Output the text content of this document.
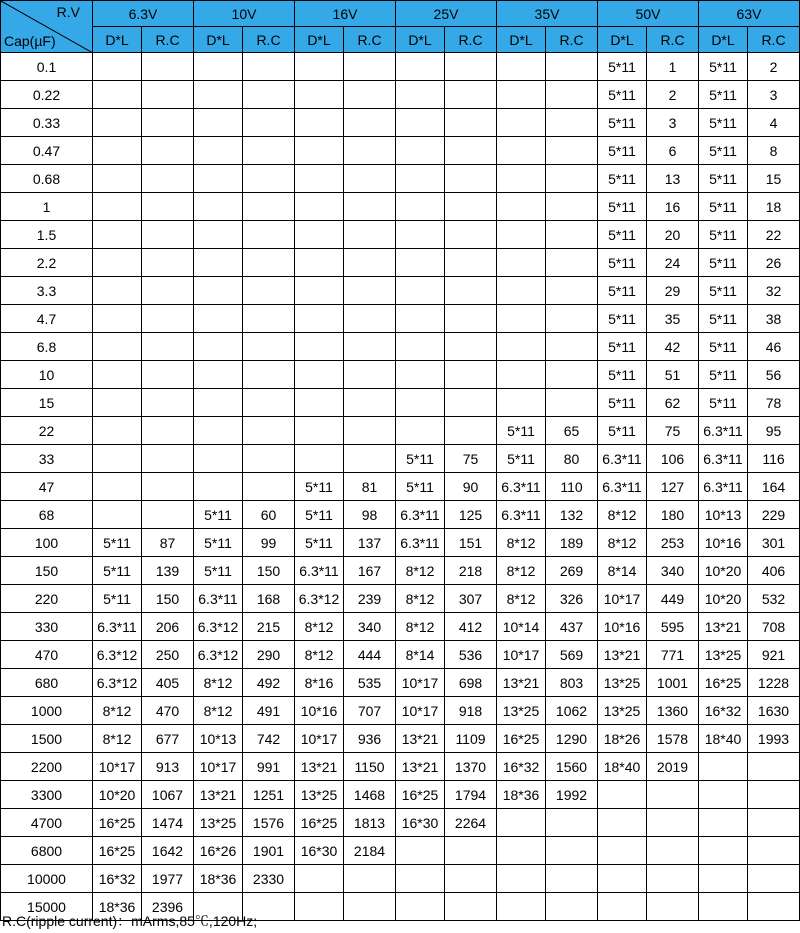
R.V
Cap(µF)	6.3V		10V		16V		25V		35V		50V		63V	
	D*L	R.C	D*L	R.C	D*L	R.C	D*L	R.C	D*L	R.C	D*L	R.C	D*L	R.C
0.1											5*11	1	5*11	2
0.22											5*11	2	5*11	3
0.33											5*11	3	5*11	4
0.47											5*11	6	5*11	8
0.68											5*11	13	5*11	15
1											5*11	16	5*11	18
1.5											5*11	20	5*11	22
2.2											5*11	24	5*11	26
3.3											5*11	29	5*11	32
4.7											5*11	35	5*11	38
6.8											5*11	42	5*11	46
10											5*11	51	5*11	56
15											5*11	62	5*11	78
22									5*11	65	5*11	75	6.3*11	95
33							5*11	75	5*11	80	6.3*11	106	6.3*11	116
47					5*11	81	5*11	90	6.3*11	110	6.3*11	127	6.3*11	164
68			5*11	60	5*11	98	6.3*11	125	6.3*11	132	8*12	180	10*13	229
100	5*11	87	5*11	99	5*11	137	6.3*11	151	8*12	189	8*12	253	10*16	301
150	5*11	139	5*11	150	6.3*11	167	8*12	218	8*12	269	8*14	340	10*20	406
220	5*11	150	6.3*11	168	6.3*12	239	8*12	307	8*12	326	10*17	449	10*20	532
330	6.3*11	206	6.3*12	215	8*12	340	8*12	412	10*14	437	10*16	595	13*21	708
470	6.3*12	250	6.3*12	290	8*12	444	8*14	536	10*17	569	13*21	771	13*25	921
680	6.3*12	405	8*12	492	8*16	535	10*17	698	13*21	803	13*25	1001	16*25	1228
1000	8*12	470	8*12	491	10*16	707	10*17	918	13*25	1062	13*25	1360	16*32	1630
1500	8*12	677	10*13	742	10*17	936	13*21	1109	16*25	1290	18*26	1578	18*40	1993
2200	10*17	913	10*17	991	13*21	1150	13*21	1370	16*32	1560	18*40	2019		
3300	10*20	1067	13*21	1251	13*25	1468	16*25	1794	18*36	1992				
4700	16*25	1474	13*25	1576	16*25	1813	16*30	2264						
6800	16*25	1642	16*26	1901	16*30	2184								
10000	16*32	1977	18*36	2330										
15000	18*36	2396												
R.C(ripple current)：mArms,85℃,120Hz;
